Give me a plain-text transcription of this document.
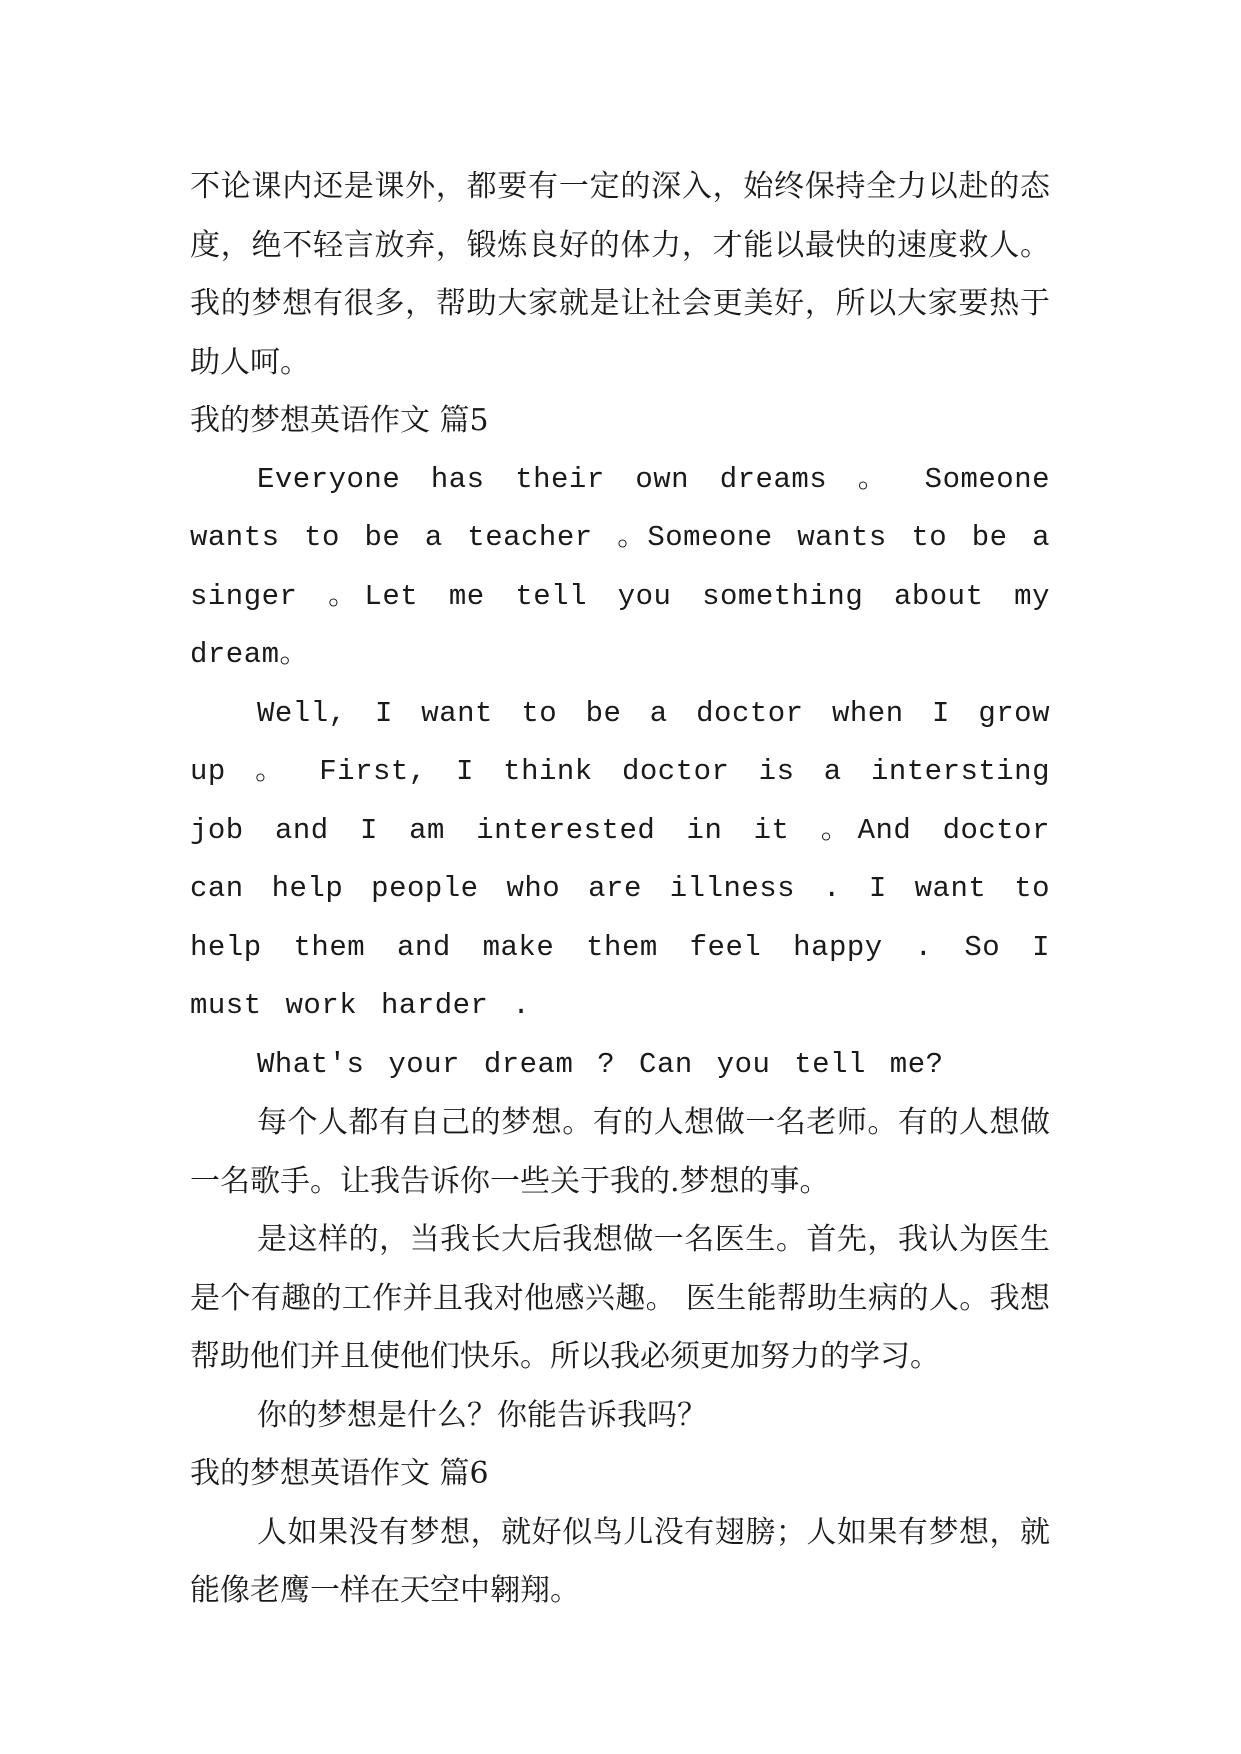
不论课内还是课外，都要有一定的深入，始终保持全力以赴的态度，绝不轻言放弃，锻炼良好的体力，才能以最快的速度救人。我的梦想有很多，帮助大家就是让社会更美好，所以大家要热于助人呵。

我的梦想英语作文 篇5

Everyone has their own dreams 。 Someone wants to be a teacher 。Someone wants to be a singer 。Let me tell you something about my dream。

Well, I want to be a doctor when I grow up 。 First, I think doctor is a intersting job and I am interested in it 。And doctor can help people who are illness . I want to help them and make them feel happy . So I must work harder .

What's your dream ? Can you tell me?

每个人都有自己的梦想。有的人想做一名老师。有的人想做一名歌手。让我告诉你一些关于我的.梦想的事。

是这样的，当我长大后我想做一名医生。首先，我认为医生是个有趣的工作并且我对他感兴趣。 医生能帮助生病的人。我想帮助他们并且使他们快乐。所以我必须更加努力的学习。

你的梦想是什么？你能告诉我吗？

我的梦想英语作文 篇6

人如果没有梦想，就好似鸟儿没有翅膀；人如果有梦想，就能像老鹰一样在天空中翱翔。
